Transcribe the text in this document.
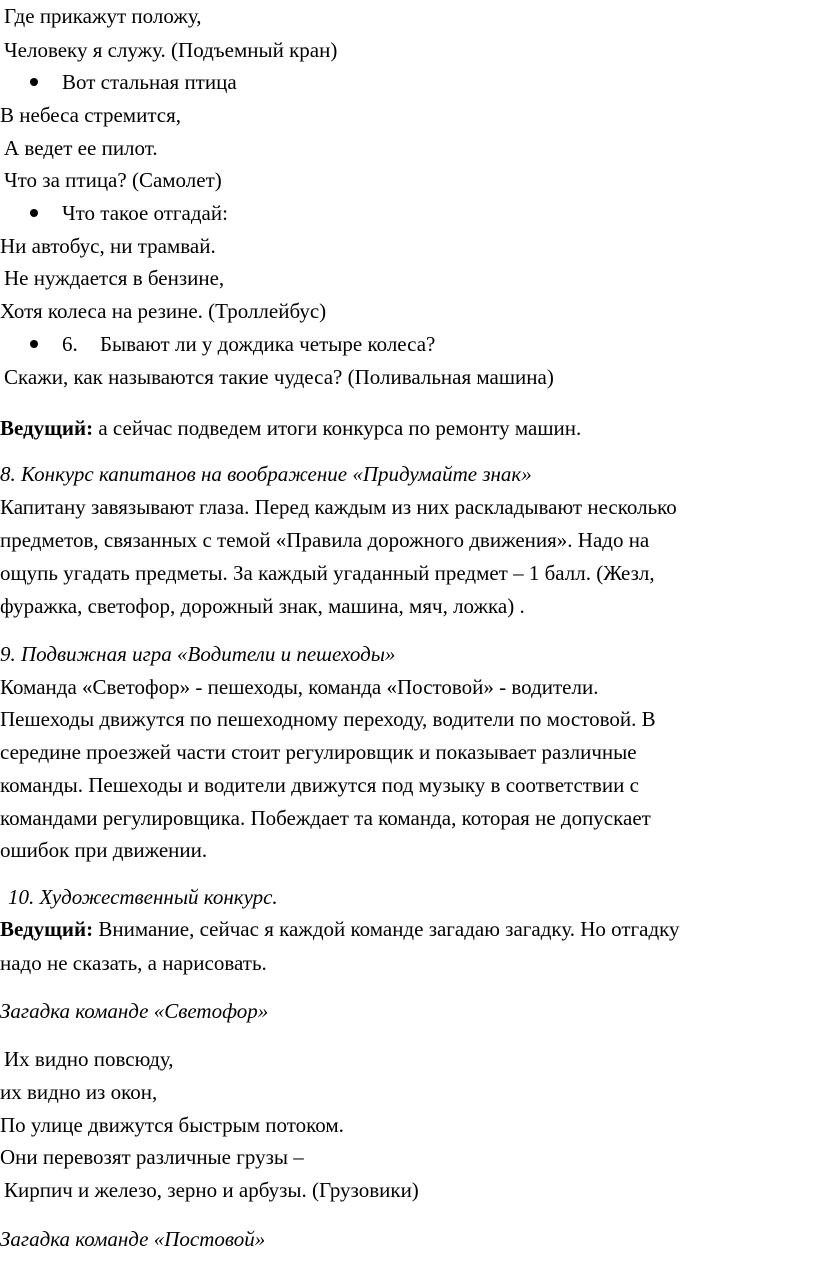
Где прикажут положу,
Человеку я служу. (Подъемный кран)
Вот стальная птица
В небеса стремится,
А ведет ее пилот.
Что за птица? (Самолет)
Что такое отгадай:
Ни автобус, ни трамвай.
Не нуждается в бензине,
Хотя колеса на резине. (Троллейбус)
6. Бывают ли у дождика четыре колеса?
Скажи, как называются такие чудеса? (Поливальная машина)
Ведущий: а сейчас подведем итоги конкурса по ремонту машин.
8. Конкурс капитанов на воображение «Придумайте знак»
Капитану завязывают глаза. Перед каждым из них раскладывают несколько
предметов, связанных с темой «Правила дорожного движения». Надо на
ощупь угадать предметы. За каждый угаданный предмет – 1 балл. (Жезл,
фуражка, светофор, дорожный знак, машина, мяч, ложка) .
9. Подвижная игра «Водители и пешеходы»
Команда «Светофор» - пешеходы, команда «Постовой» - водители.
Пешеходы движутся по пешеходному переходу, водители по мостовой. В
середине проезжей части стоит регулировщик и показывает различные
команды. Пешеходы и водители движутся под музыку в соответствии с
командами регулировщика. Побеждает та команда, которая не допускает
ошибок при движении.
10. Художественный конкурс.
Ведущий: Внимание, сейчас я каждой команде загадаю загадку. Но отгадку
надо не сказать, а нарисовать.
Загадка команде «Светофор»
Их видно повсюду,
их видно из окон,
По улице движутся быстрым потоком.
Они перевозят различные грузы –
Кирпич и железо, зерно и арбузы. (Грузовики)
Загадка команде «Постовой»
